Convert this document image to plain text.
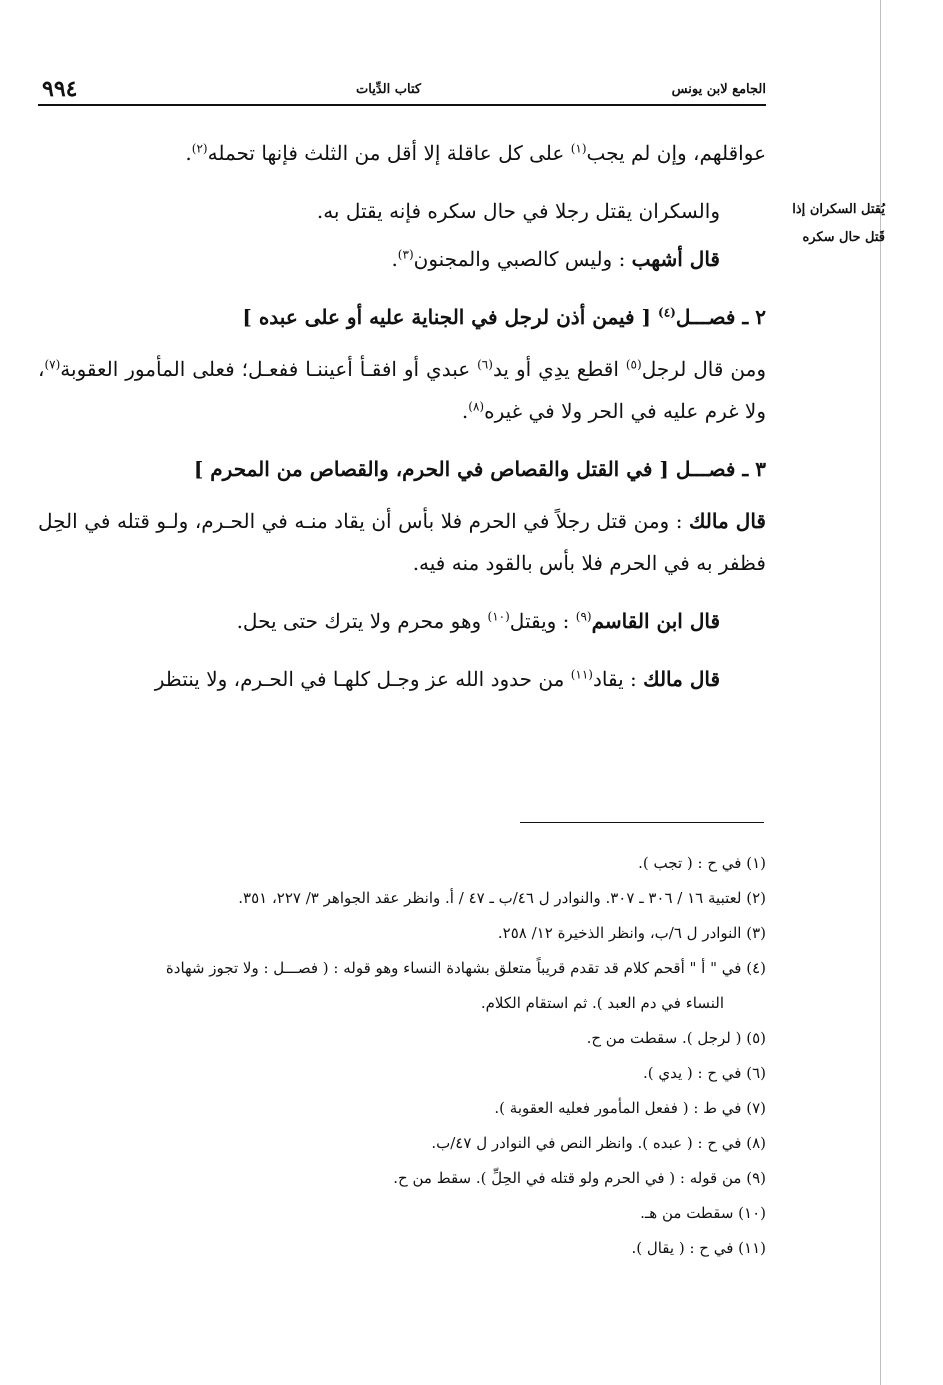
الجامع لابن يونس
كتاب الدِّيات
٩٩٤
يُقتل السكران إذا
قَتل حال سكره

عواقلهم، وإن لم يجب$^{(١)}$ على كل عاقلة إلا أقل من الثلث فإنها تحمله$^{(٢)}$.

والسكران يقتل رجلا في حال سكره فإنه يقتل به.

قال أشهب : وليس كالصبي والمجنون$^{(٣)}$.

٢ ـ فصـــل$^{(٤)}$ [ فيمن أذن لرجل في الجناية عليه أو على عبده ]

ومن قال لرجل$^{(٥)}$ اقطع يدِي أو يد$^{(٦)}$ عبدي أو افقـأ أعيننـا ففعـل؛ فعلى المأمور العقوبة$^{(٧)}$، ولا غرم عليه في الحر ولا في غيره$^{(٨)}$.

٣ ـ فصـــل [ في القتل والقصاص في الحرم، والقصاص من المحرم ]

قال مالك : ومن قتل رجلاً في الحرم فلا بأس أن يقاد منـه في الحـرم، ولـو قتله في الحِل فظفر به في الحرم فلا بأس بالقود منه فيه.

قال ابن القاسم$^{(٩)}$ : ويقتل$^{(١٠)}$ وهو محرم ولا يترك حتى يحل.

قال مالك : يقاد$^{(١١)}$ من حدود الله عز وجـل كلهـا في الحـرم، ولا ينتظر

(١) في ح : ( تجب ).
(٢) لعتبية ١٦ / ٣٠٦ ـ ٣٠٧. والنوادر ل ٤٦/ب ـ ٤٧ / أ. وانظر عقد الجواهر ٣/ ٢٢٧، ٣٥١.
(٣) النوادر ل ٦/ب، وانظر الذخيرة ١٢/ ٢٥٨.
(٤) في " أ " أقحم كلام قد تقدم قريباً متعلق بشهادة النساء وهو قوله : ( فصـــل : ولا تجوز شهادة
النساء في دم العبد ). ثم استقام الكلام.
(٥) ( لرجل ). سقطت من ح.
(٦) في ح : ( يدي ).
(٧) في ط : ( ففعل المأمور فعليه العقوبة ).
(٨) في ح : ( عبده ). وانظر النص في النوادر ل ٤٧/ب.
(٩) من قوله : ( في الحرم ولو قتله في الحِلِّ ). سقط من ح.
(١٠) سقطت من هـ.
(١١) في ح : ( يقال ).
